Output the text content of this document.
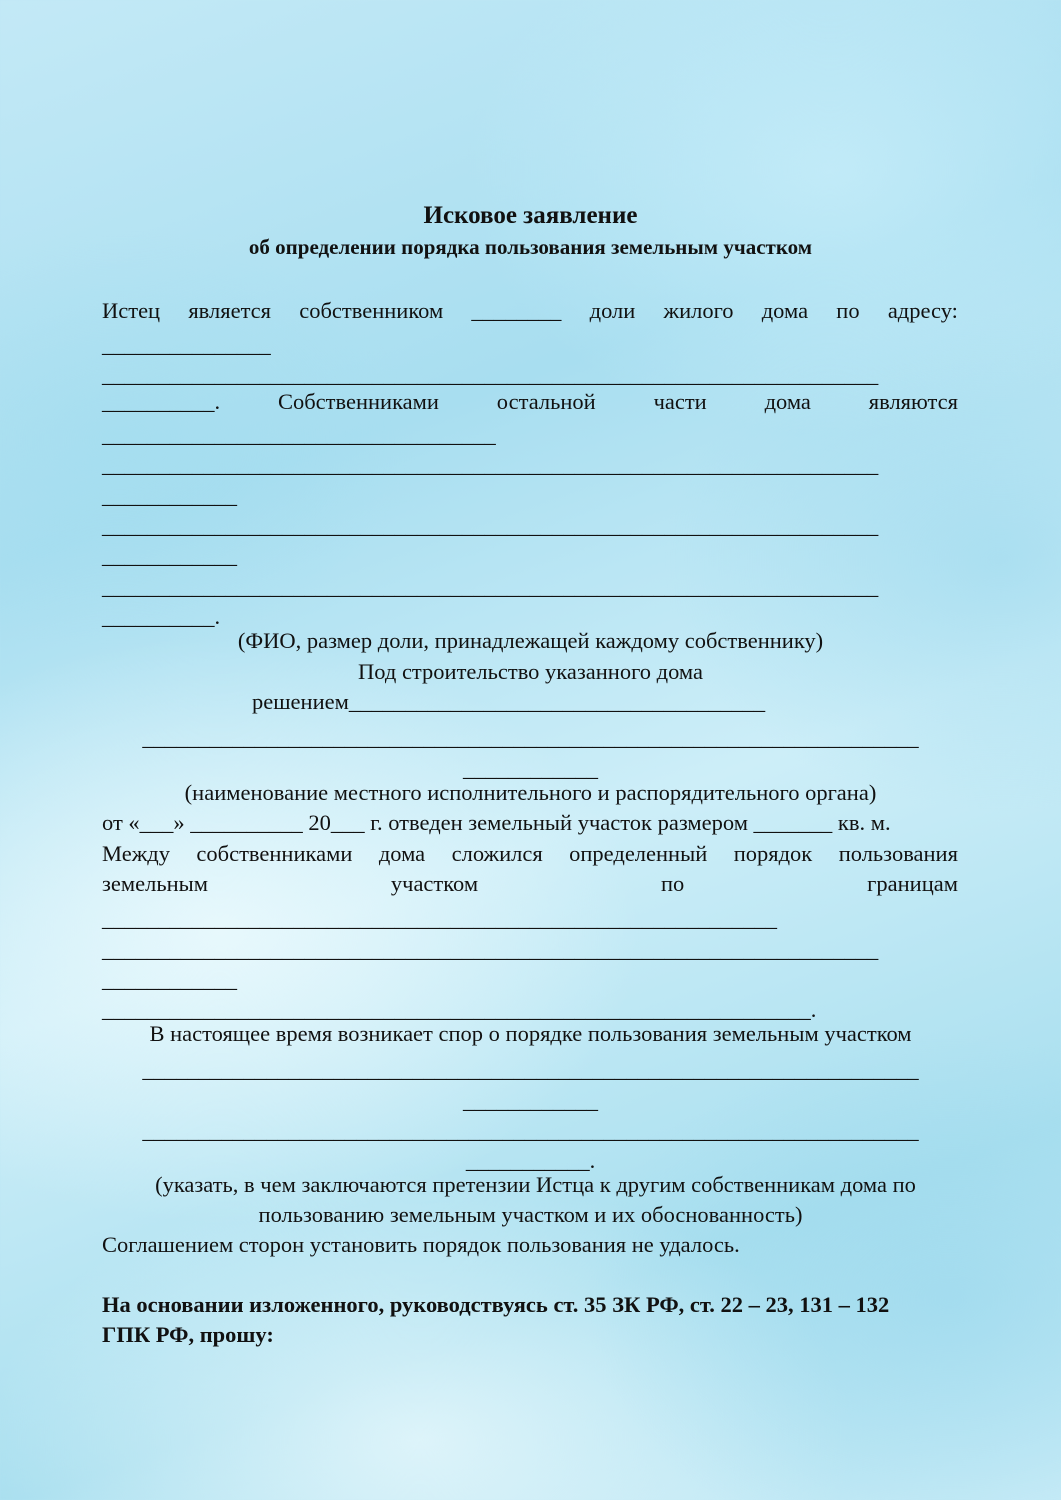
Исковое заявление
об определении порядка пользования земельным участком
Истец является собственником ________ доли жилого дома по адресу:
_______________
_____________________________________________________________________
__________.	Собственниками	остальной	части	дома	являются
___________________________________
_____________________________________________________________________
____________
_____________________________________________________________________
____________
_____________________________________________________________________
__________.
(ФИО, размер доли, принадлежащей каждому собственнику)
Под строительство указанного дома
решением_____________________________________
_____________________________________________________________________
____________
(наименование местного исполнительного и распорядительного органа)
от «___» __________ 20___ г. отведен земельный участок размером _______ кв. м.
Между собственниками дома сложился определенный порядок пользования
земельным	участком	по	границам
____________________________________________________________
_____________________________________________________________________
____________
_______________________________________________________________.
В настоящее время возникает спор о порядке пользования земельным участком
_____________________________________________________________________
____________
_____________________________________________________________________
___________.
(указать, в чем заключаются претензии Истца к другим собственникам дома по
пользованию земельным участком и их обоснованность)
Соглашением сторон установить порядок пользования не удалось.
На основании изложенного, руководствуясь ст. 35 ЗК РФ, ст. 22 – 23, 131 – 132
ГПК РФ, прошу:
